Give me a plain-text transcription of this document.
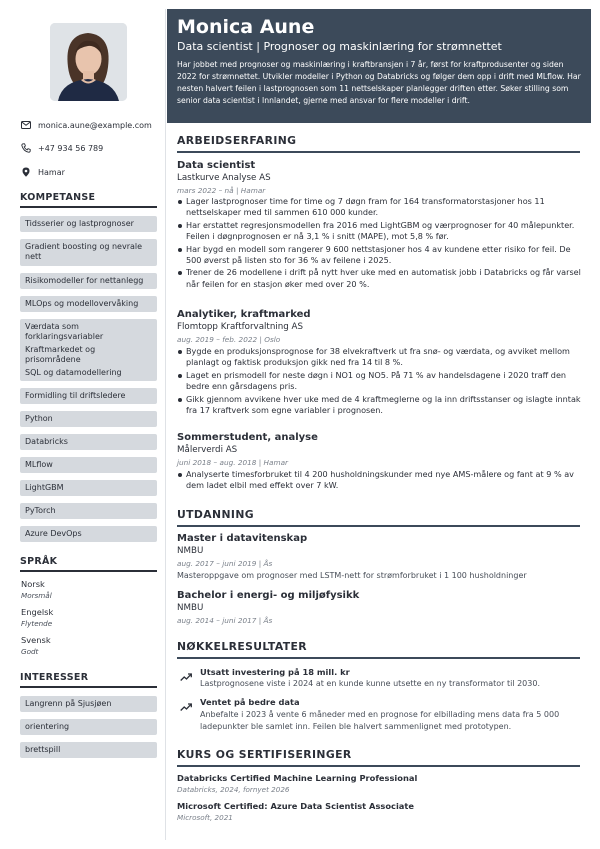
monica.aune@example.com
+47 934 56 789
Hamar
KOMPETANSE
Tidsserier og lastprognoser
Gradient boosting og nevrale nett
Risikomodeller for nettanlegg
MLOps og modellovervåking
Værdata som forklaringsvariabler
Kraftmarkedet og prisområdene
SQL og datamodellering
Formidling til driftsledere
Python
Databricks
MLflow
LightGBM
PyTorch
Azure DevOps
SPRÅK
Norsk
Morsmål
Engelsk
Flytende
Svensk
Godt
INTERESSER
Langrenn på Sjusjøen
orientering
brettspill
Monica Aune
Data scientist | Prognoser og maskinlæring for strømnettet
Har jobbet med prognoser og maskinlæring i kraftbransjen i 7 år, først for kraftprodusenter og siden 2022 for strømnettet. Utvikler modeller i Python og Databricks og følger dem opp i drift med MLflow. Har nesten halvert feilen i lastprognosen som 11 nettselskaper planlegger driften etter. Søker stilling som senior data scientist i Innlandet, gjerne med ansvar for flere modeller i drift.
ARBEIDSERFARING
Data scientist
Lastkurve Analyse AS
mars 2022 – nå | Hamar
Lager lastprognoser time for time og 7 døgn fram for 164 transformatorstasjoner hos 11 nettselskaper med til sammen 610 000 kunder.
Har erstattet regresjonsmodellen fra 2016 med LightGBM og værprognoser for 40 målepunkter. Feilen i døgnprognosen er nå 3,1 % i snitt (MAPE), mot 5,8 % før.
Har bygd en modell som rangerer 9 600 nettstasjoner hos 4 av kundene etter risiko for feil. De 500 øverst på listen sto for 36 % av feilene i 2025.
Trener de 26 modellene i drift på nytt hver uke med en automatisk jobb i Databricks og får varsel når feilen for en stasjon øker med over 20 %.
Analytiker, kraftmarked
Flomtopp Kraftforvaltning AS
aug. 2019 – feb. 2022 | Oslo
Bygde en produksjonsprognose for 38 elvekraftverk ut fra snø- og værdata, og avviket mellom planlagt og faktisk produksjon gikk ned fra 14 til 8 %.
Laget en prismodell for neste døgn i NO1 og NO5. På 71 % av handelsdagene i 2020 traff den bedre enn gårsdagens pris.
Gikk gjennom avvikene hver uke med de 4 kraftmeglerne og la inn driftsstanser og islagte inntak fra 17 kraftverk som egne variabler i prognosen.
Sommerstudent, analyse
Målerverdi AS
juni 2018 – aug. 2018 | Hamar
Analyserte timesforbruket til 4 200 husholdningskunder med nye AMS-målere og fant at 9 % av dem ladet elbil med effekt over 7 kW.
UTDANNING
Master i datavitenskap
NMBU
aug. 2017 – juni 2019 | Ås
Masteroppgave om prognoser med LSTM-nett for strømforbruket i 1 100 husholdninger
Bachelor i energi- og miljøfysikk
NMBU
aug. 2014 – juni 2017 | Ås
NØKKELRESULTATER
Utsatt investering på 18 mill. kr
Lastprognosene viste i 2024 at en kunde kunne utsette en ny transformator til 2030.
Ventet på bedre data
Anbefalte i 2023 å vente 6 måneder med en prognose for elbillading mens data fra 5 000 ladepunkter ble samlet inn. Feilen ble halvert sammenlignet med prototypen.
KURS OG SERTIFISERINGER
Databricks Certified Machine Learning Professional
Databricks, 2024, fornyet 2026
Microsoft Certified: Azure Data Scientist Associate
Microsoft, 2021
